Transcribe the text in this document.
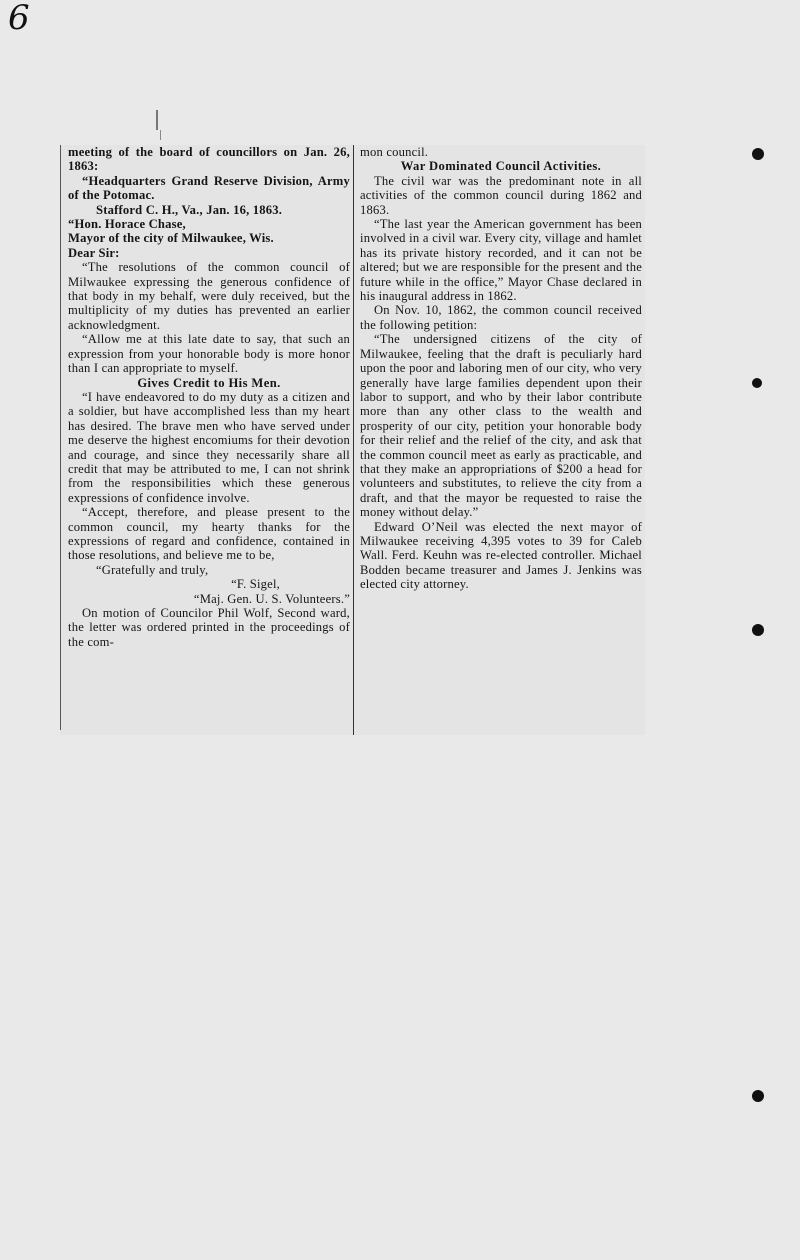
6

meeting of the board of councillors on Jan. 26, 1863:

“Headquarters Grand Reserve Division, Army of the Potomac.

Stafford C. H., Va., Jan. 16, 1863.

“Hon. Horace Chase,

Mayor of the city of Milwaukee, Wis.

Dear Sir:

“The resolutions of the common council of Milwaukee expressing the generous confidence of that body in my behalf, were duly received, but the multiplicity of my duties has prevented an earlier acknowledgment.

“Allow me at this late date to say, that such an expression from your honorable body is more honor than I can appropriate to myself.

Gives Credit to His Men.

“I have endeavored to do my duty as a citizen and a soldier, but have accomplished less than my heart has desired. The brave men who have served under me deserve the highest encomiums for their devotion and courage, and since they necessarily share all credit that may be attributed to me, I can not shrink from the responsibilities which these generous expressions of confidence involve.

“Accept, therefore, and please present to the common council, my hearty thanks for the expressions of regard and confidence, contained in those resolutions, and believe me to be,

“Gratefully and truly,

“F. Sigel,

“Maj. Gen. U. S. Volunteers.”

On motion of Councilor Phil Wolf, Second ward, the letter was ordered printed in the proceedings of the com-

mon council.

War Dominated Council Activities.

The civil war was the predominant note in all activities of the common council during 1862 and 1863.

“The last year the American government has been involved in a civil war. Every city, village and hamlet has its private history recorded, and it can not be altered; but we are responsible for the present and the future while in the office,” Mayor Chase declared in his inaugural address in 1862.

On Nov. 10, 1862, the common council received the following petition:

“The undersigned citizens of the city of Milwaukee, feeling that the draft is peculiarly hard upon the poor and laboring men of our city, who very generally have large families dependent upon their labor to support, and who by their labor contribute more than any other class to the wealth and prosperity of our city, petition your honorable body for their relief and the relief of the city, and ask that the common council meet as early as practicable, and that they make an appropriations of $200 a head for volunteers and substitutes, to relieve the city from a draft, and that the mayor be requested to raise the money without delay.”

Edward O’Neil was elected the next mayor of Milwaukee receiving 4,395 votes to 39 for Caleb Wall. Ferd. Keuhn was re-elected controller. Michael Bodden became treasurer and James J. Jenkins was elected city attorney.
